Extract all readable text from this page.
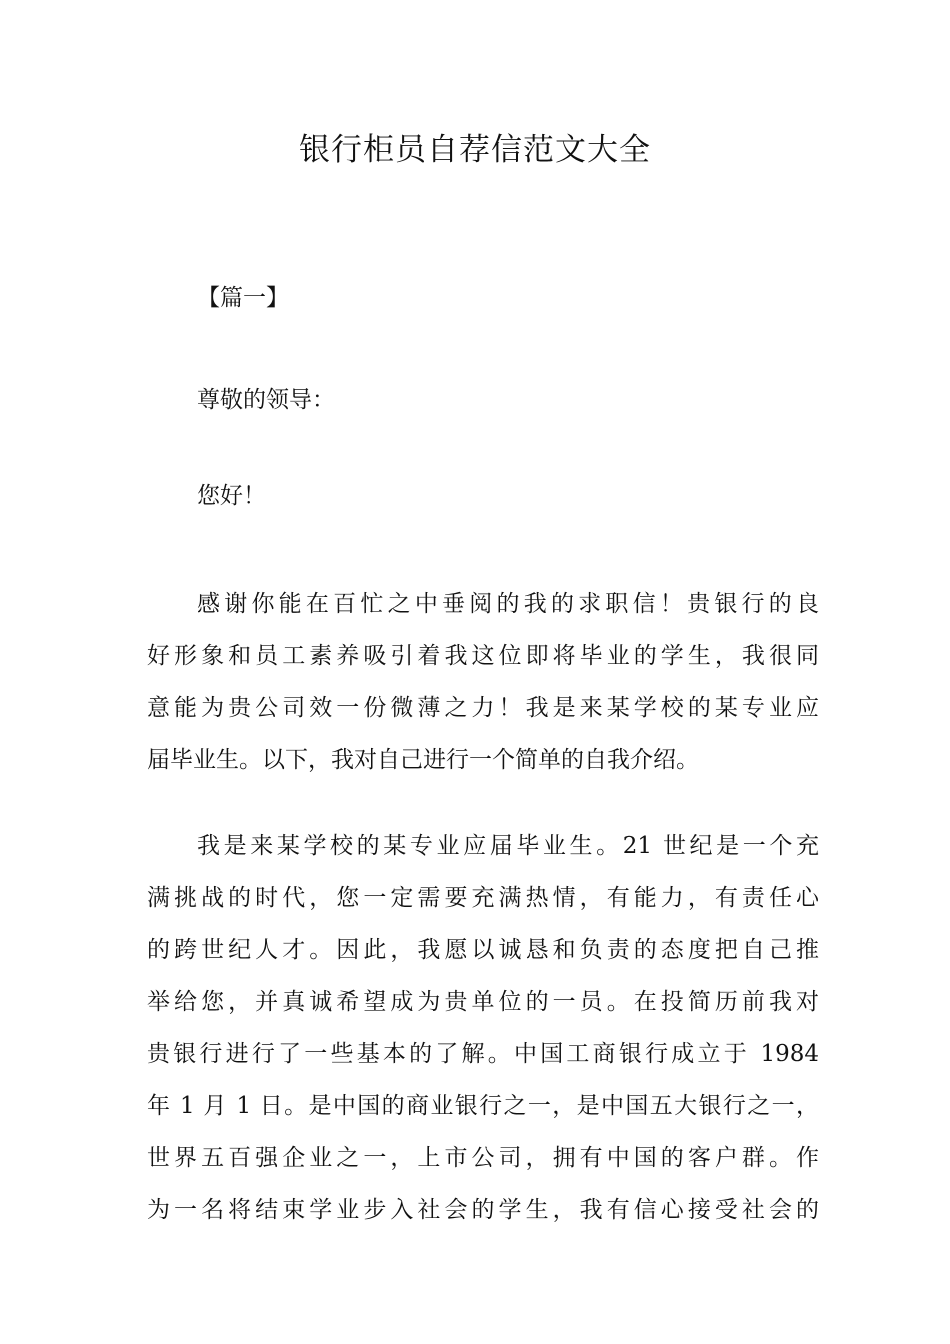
银行柜员自荐信范文大全
【篇一】
尊敬的领导：
您好！
感谢你能在百忙之中垂阅的我的求职信！贵银行的良
好形象和员工素养吸引着我这位即将毕业的学生，我很同
意能为贵公司效一份微薄之力！我是来某学校的某专业应
届毕业生。以下，我对自己进行一个简单的自我介绍。
我是来某学校的某专业应届毕业生。21 世纪是一个充
满挑战的时代，您一定需要充满热情，有能力，有责任心
的跨世纪人才。因此，我愿以诚恳和负责的态度把自己推
举给您，并真诚希望成为贵单位的一员。在投简历前我对
贵银行进行了一些基本的了解。中国工商银行成立于 1984
年 1 月 1 日。是中国的商业银行之一，是中国五大银行之一，
世界五百强企业之一，上市公司，拥有中国的客户群。作
为一名将结束学业步入社会的学生，我有信心接受社会的
